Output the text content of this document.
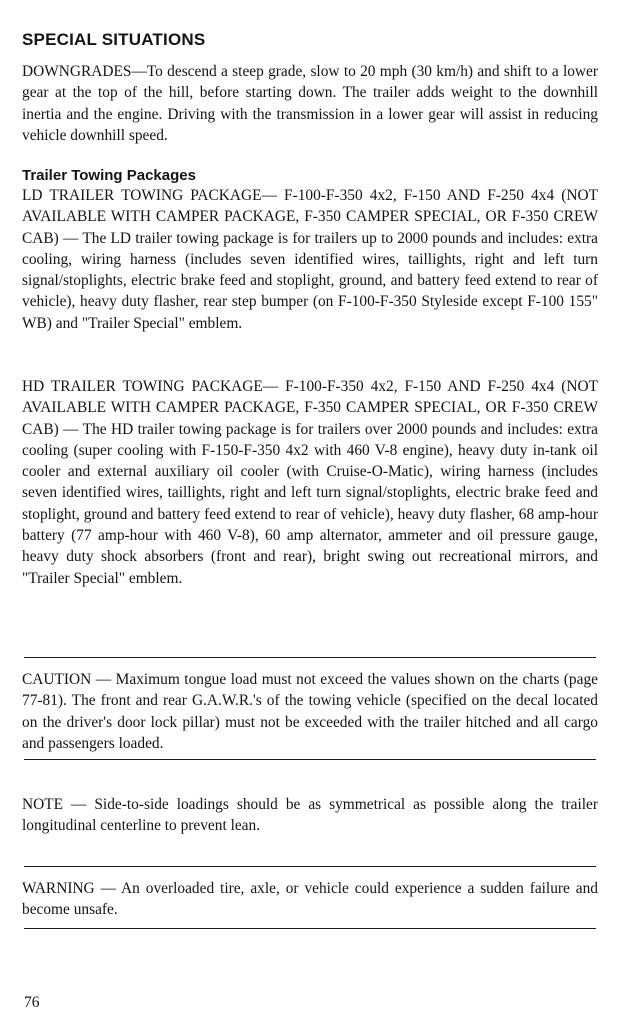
SPECIAL SITUATIONS

DOWNGRADES—To descend a steep grade, slow to 20 mph (30 km/h) and shift to a lower gear at the top of the hill, before starting down. The trailer adds weight to the downhill inertia and the engine. Driving with the transmission in a lower gear will assist in reducing vehicle downhill speed.

Trailer Towing Packages

LD TRAILER TOWING PACKAGE— F-100-F-350 4x2, F-150 AND F-250 4x4 (NOT AVAILABLE WITH CAMPER PACKAGE, F-350 CAMPER SPECIAL, OR F-350 CREW CAB) — The LD trailer towing package is for trailers up to 2000 pounds and includes: extra cooling, wiring harness (includes seven identified wires, taillights, right and left turn signal/stoplights, electric brake feed and stoplight, ground, and battery feed extend to rear of vehicle), heavy duty flasher, rear step bumper (on F-100-F-350 Styleside except F-100 155" WB) and "Trailer Special" emblem.

HD TRAILER TOWING PACKAGE— F-100-F-350 4x2, F-150 AND F-250 4x4 (NOT AVAILABLE WITH CAMPER PACKAGE, F-350 CAMPER SPECIAL, OR F-350 CREW CAB) — The HD trailer towing package is for trailers over 2000 pounds and includes: extra cooling (super cooling with F-150-F-350 4x2 with 460 V-8 engine), heavy duty in-tank oil cooler and external auxiliary oil cooler (with Cruise-O-Matic), wiring harness (includes seven identified wires, taillights, right and left turn signal/stoplights, electric brake feed and stoplight, ground and battery feed extend to rear of vehicle), heavy duty flasher, 68 amp-hour battery (77 amp-hour with 460 V-8), 60 amp alternator, ammeter and oil pressure gauge, heavy duty shock absorbers (front and rear), bright swing out recreational mirrors, and "Trailer Special" emblem.

CAUTION — Maximum tongue load must not exceed the values shown on the charts (page 77-81). The front and rear G.A.W.R.'s of the towing vehicle (specified on the decal located on the driver's door lock pillar) must not be exceeded with the trailer hitched and all cargo and passengers loaded.

NOTE — Side-to-side loadings should be as symmetrical as possible along the trailer longitudinal centerline to prevent lean.

WARNING — An overloaded tire, axle, or vehicle could experience a sudden failure and become unsafe.

76
